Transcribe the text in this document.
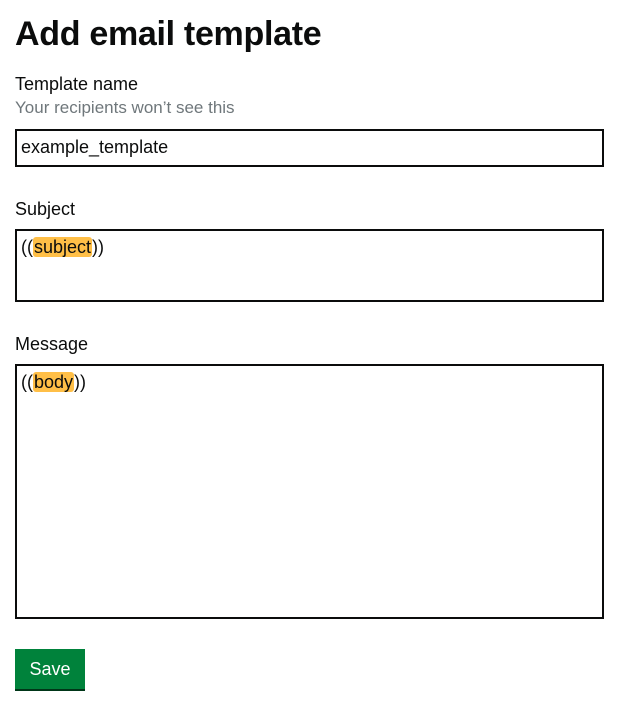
Add email template
Template name
Your recipients won’t see this
example_template
Subject
((subject))
Message
((body))
Save
